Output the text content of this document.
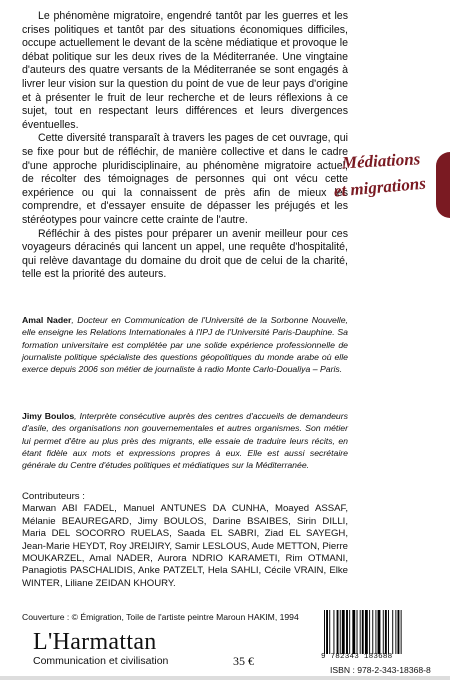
Le phénomène migratoire, engendré tantôt par les guerres et les crises politiques et tantôt par des situations économiques difficiles, occupe actuellement le devant de la scène médiatique et provoque le débat politique sur les deux rives de la Méditerranée. Une vingtaine d'auteurs des quatre versants de la Méditerranée se sont engagés à livrer leur vision sur la question du point de vue de leur pays d'origine et à présenter le fruit de leur recherche et de leurs réflexions à ce sujet, tout en respectant leurs différences et leurs divergences éventuelles.

Cette diversité transparaît à travers les pages de cet ouvrage, qui se fixe pour but de réfléchir, de manière collective et dans le cadre d'une approche pluridisciplinaire, au phénomène migratoire actuel, de récolter des témoignages de personnes qui ont vécu cette expérience ou qui la connaissent de près afin de mieux les comprendre, et d'essayer ensuite de dépasser les préjugés et les stéréotypes pour vaincre cette crainte de l'autre.

Réfléchir à des pistes pour préparer un avenir meilleur pour ces voyageurs déracinés qui lancent un appel, une requête d'hospitalité, qui relève davantage du domaine du droit que de celui de la charité, telle est la priorité des auteurs.

Médiations
et migrations

Amal Nader, Docteur en Communication de l'Université de la Sorbonne Nouvelle, elle enseigne les Relations Internationales à l'IPJ de l'Université Paris-Dauphine. Sa formation universitaire est complétée par une solide expérience professionnelle de journaliste politique spécialiste des questions géopolitiques du monde arabe où elle exerce depuis 2006 son métier de journaliste à radio Monte Carlo-Doualiya – Paris.

Jimy Boulos, Interprète consécutive auprès des centres d'accueils de demandeurs d'asile, des organisations non gouvernementales et autres organismes. Son métier lui permet d'être au plus près des migrants, elle essaie de traduire leurs récits, en étant fidèle aux mots et expressions propres à eux. Elle est aussi secrétaire générale du Centre d'études politiques et médiatiques sur la Méditerranée.

Contributeurs :

Marwan ABI FADEL, Manuel ANTUNES DA CUNHA, Moayed ASSAF, Mélanie BEAUREGARD, Jimy BOULOS, Darine BSAIBES, Sirin DILLI, Maria DEL SOCORRO RUELAS, Saada EL SABRI, Ziad EL SAYEGH, Jean-Marie HEYDT, Roy JREIJIRY, Samir LESLOUS, Aude METTON, Pierre MOUKARZEL, Amal NADER, Aurora NDRIO KARAMETI, Rim OTMANI, Panagiotis PASCHALIDIS, Anke PATZELT, Hela SAHLI, Cécile VRAIN, Elke WINTER, Liliane ZEIDAN KHOURY.

Couverture : © Émigration, Toile de l'artiste peintre Maroun HAKIM, 1994
L'Harmattan
Communication et civilisation	35 €	9 782343 183688
ISBN : 978-2-343-18368-8
